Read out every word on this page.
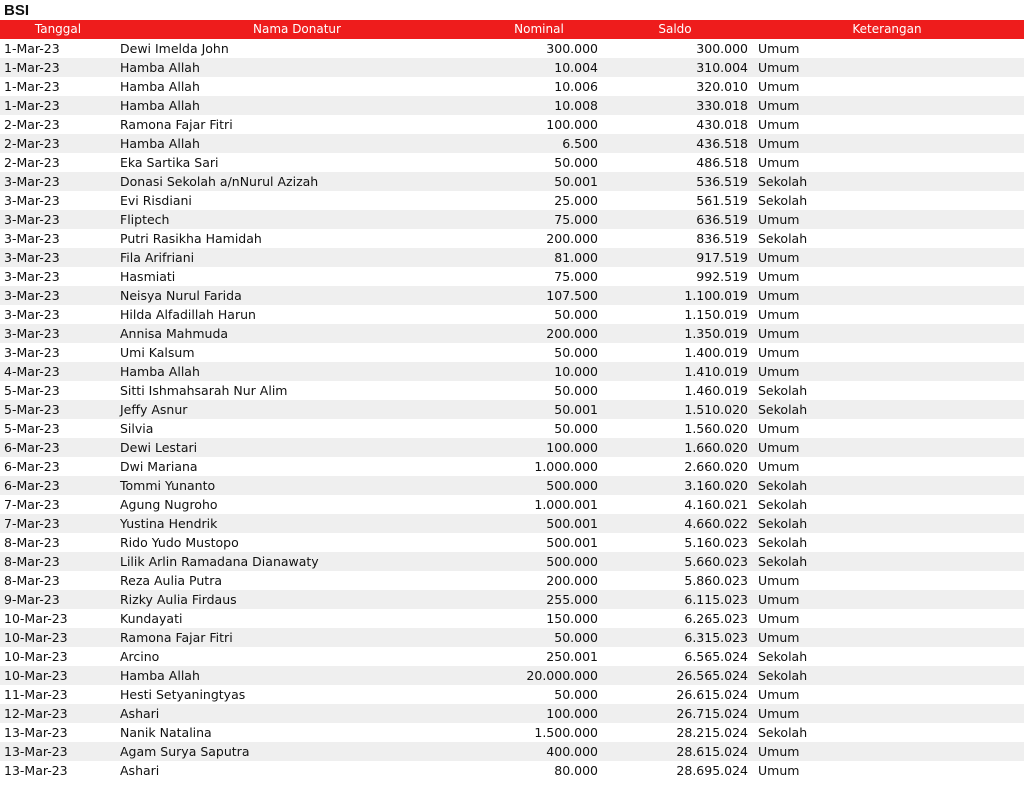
BSI
Tanggal	Nama Donatur	Nominal	Saldo	Keterangan
1-Mar-23	Dewi Imelda John	300.000	300.000	Umum
1-Mar-23	Hamba Allah	10.004	310.004	Umum
1-Mar-23	Hamba Allah	10.006	320.010	Umum
1-Mar-23	Hamba Allah	10.008	330.018	Umum
2-Mar-23	Ramona Fajar Fitri	100.000	430.018	Umum
2-Mar-23	Hamba Allah	6.500	436.518	Umum
2-Mar-23	Eka Sartika Sari	50.000	486.518	Umum
3-Mar-23	Donasi Sekolah a/nNurul Azizah	50.001	536.519	Sekolah
3-Mar-23	Evi Risdiani	25.000	561.519	Sekolah
3-Mar-23	Fliptech	75.000	636.519	Umum
3-Mar-23	Putri Rasikha Hamidah	200.000	836.519	Sekolah
3-Mar-23	Fila Arifriani	81.000	917.519	Umum
3-Mar-23	Hasmiati	75.000	992.519	Umum
3-Mar-23	Neisya Nurul Farida	107.500	1.100.019	Umum
3-Mar-23	Hilda Alfadillah Harun	50.000	1.150.019	Umum
3-Mar-23	Annisa Mahmuda	200.000	1.350.019	Umum
3-Mar-23	Umi Kalsum	50.000	1.400.019	Umum
4-Mar-23	Hamba Allah	10.000	1.410.019	Umum
5-Mar-23	Sitti Ishmahsarah Nur Alim	50.000	1.460.019	Sekolah
5-Mar-23	Jeffy Asnur	50.001	1.510.020	Sekolah
5-Mar-23	Silvia	50.000	1.560.020	Umum
6-Mar-23	Dewi Lestari	100.000	1.660.020	Umum
6-Mar-23	Dwi Mariana	1.000.000	2.660.020	Umum
6-Mar-23	Tommi Yunanto	500.000	3.160.020	Sekolah
7-Mar-23	Agung Nugroho	1.000.001	4.160.021	Sekolah
7-Mar-23	Yustina Hendrik	500.001	4.660.022	Sekolah
8-Mar-23	Rido Yudo Mustopo	500.001	5.160.023	Sekolah
8-Mar-23	Lilik Arlin Ramadana Dianawaty	500.000	5.660.023	Sekolah
8-Mar-23	Reza Aulia Putra	200.000	5.860.023	Umum
9-Mar-23	Rizky Aulia Firdaus	255.000	6.115.023	Umum
10-Mar-23	Kundayati	150.000	6.265.023	Umum
10-Mar-23	Ramona Fajar Fitri	50.000	6.315.023	Umum
10-Mar-23	Arcino	250.001	6.565.024	Sekolah
10-Mar-23	Hamba Allah	20.000.000	26.565.024	Sekolah
11-Mar-23	Hesti Setyaningtyas	50.000	26.615.024	Umum
12-Mar-23	Ashari	100.000	26.715.024	Umum
13-Mar-23	Nanik Natalina	1.500.000	28.215.024	Sekolah
13-Mar-23	Agam Surya Saputra	400.000	28.615.024	Umum
13-Mar-23	Ashari	80.000	28.695.024	Umum
